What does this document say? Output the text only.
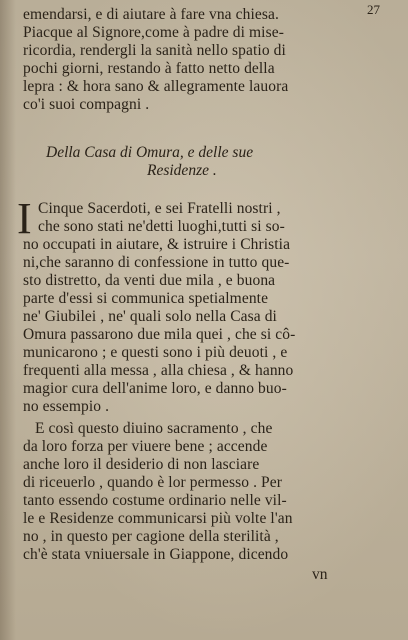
27
emendarsi, e di aiutare à fare vna chiesa.
Piacque al Signore,come à padre di mise-
ricordia, rendergli la sanità nello spatio di
pochi giorni, restando à fatto netto della
lepra : & hora sano & allegramente lauora
co'i suoi compagni .
Della Casa di Omura, e delle sue
Residenze .
I Cinque Sacerdoti, e sei Fratelli nostri ,
che sono stati ne'detti luoghi,tutti si so-
no occupati in aiutare, & istruire i Christia
ni,che saranno di confessione in tutto que-
sto distretto, da venti due mila , e buona
parte d'essi si communica spetialmente
ne' Giubilei , ne' quali solo nella Casa di
Omura passarono due mila quei , che si cô-
municarono ; e questi sono i più deuoti , e
frequenti alla messa , alla chiesa , & hanno
magior cura dell'anime loro, e danno buo-
no essempio .
E così questo diuino sacramento , che
da loro forza per viuere bene ; accende
anche loro il desiderio di non lasciare
di riceuerlo , quando è lor permesso . Per
tanto essendo costume ordinario nelle vil-
le e Residenze communicarsi più volte l'an
no , in questo per cagione della sterilità ,
ch'è stata vniuersale in Giappone, dicendo
vn
